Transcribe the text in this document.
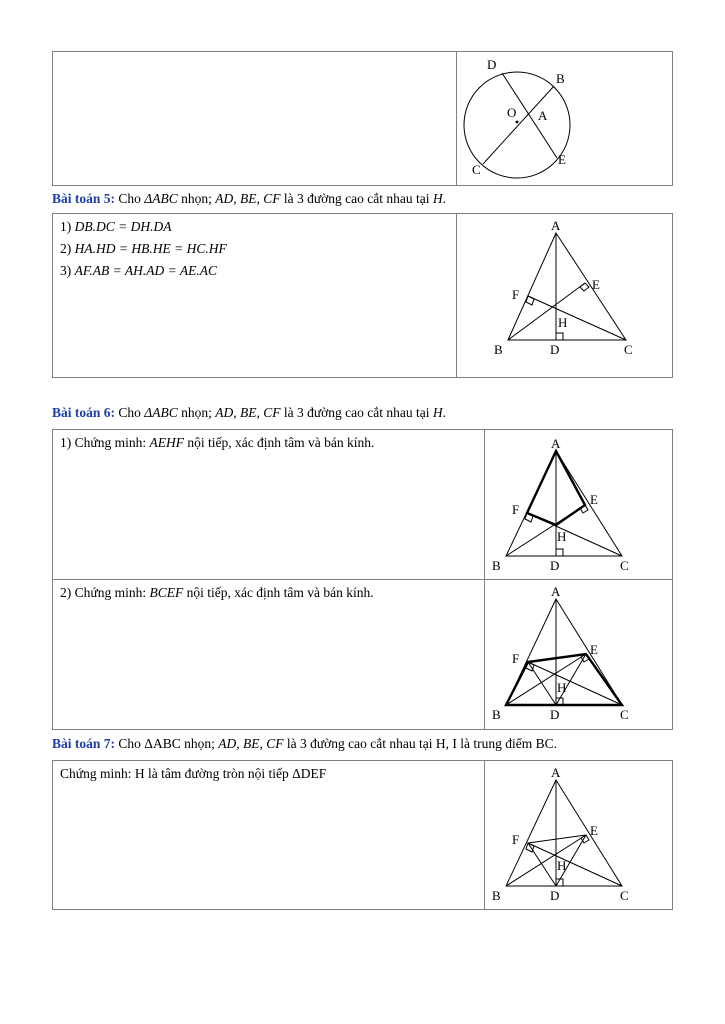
D
B
O A
C
E
Bài toán 5: Cho ΔABC nhọn; AD, BE, CF là 3 đường cao cắt nhau tại H.
1) DB.DC = DH.DA
2) HA.HD = HB.HE = HC.HF
3) AF.AB = AH.AD = AE.AC
A
B	C
D
E
F
H
Bài toán 6: Cho ΔABC nhọn; AD, BE, CF là 3 đường cao cắt nhau tại H.
1) Chứng minh: AEHF nội tiếp, xác định tâm và bán kính.
2) Chứng minh: BCEF nội tiếp, xác định tâm và bán kính.
A
B	C
D
E
F
H
A
B	C
D
E
F
H
Bài toán 7: Cho ΔABC nhọn; AD, BE, CF là 3 đường cao cắt nhau tại H, I là trung điểm BC.
Chứng minh: H là tâm đường tròn nội tiếp ΔDEF	A
B	C
D
E
F
H
